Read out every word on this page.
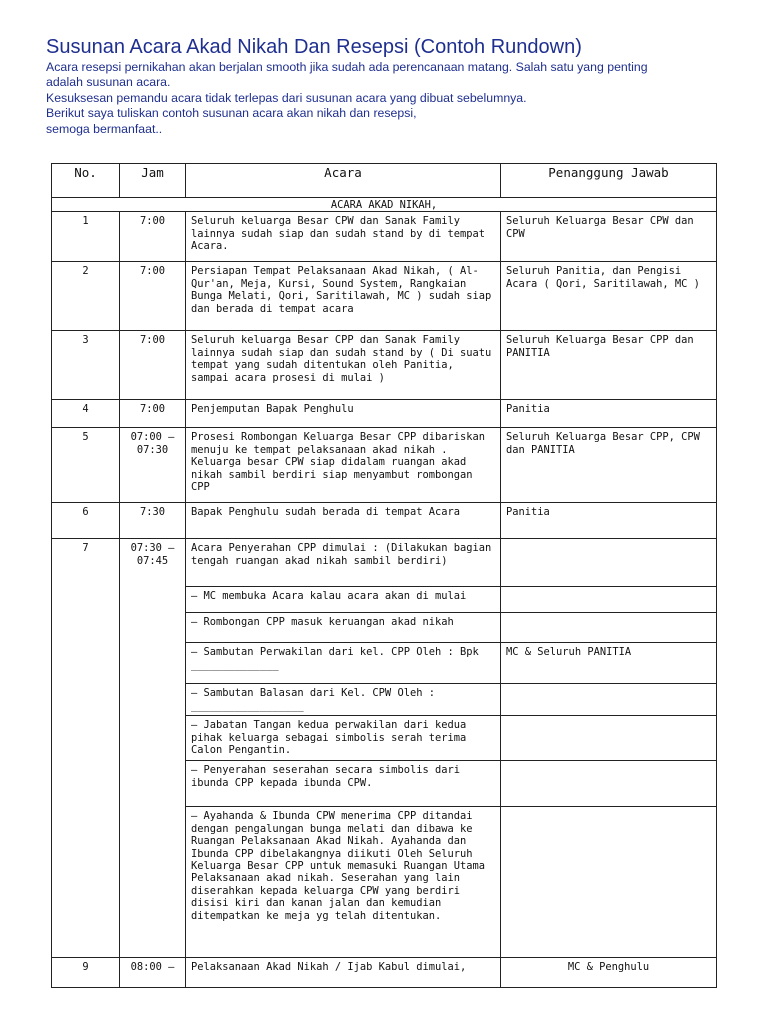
Susunan Acara Akad Nikah Dan Resepsi (Contoh Rundown)
Acara resepsi pernikahan akan berjalan smooth jika sudah ada perencanaan matang. Salah satu yang penting
adalah susunan acara.
Kesuksesan pemandu acara tidak terlepas dari susunan acara yang dibuat sebelumnya.
Berikut saya tuliskan contoh susunan acara akan nikah dan resepsi,
semoga bermanfaat..
No.	Jam	Acara	Penanggung Jawab
ACARA AKAD NIKAH,			
1	7:00	Seluruh keluarga Besar CPW dan Sanak Family lainnya sudah siap dan sudah stand by di tempat Acara.	Seluruh Keluarga Besar CPW dan CPW
2	7:00	Persiapan Tempat Pelaksanaan Akad Nikah, ( Al-Qur'an, Meja, Kursi, Sound System, Rangkaian Bunga Melati, Qori, Saritilawah, MC ) sudah siap dan berada di tempat acara	Seluruh Panitia, dan Pengisi Acara ( Qori, Saritilawah, MC )
3	7:00	Seluruh keluarga Besar CPP dan Sanak Family lainnya sudah siap dan sudah stand by ( Di suatu tempat yang sudah ditentukan oleh Panitia, sampai acara prosesi di mulai )	Seluruh Keluarga Besar CPP dan PANITIA
4	7:00	Penjemputan Bapak Penghulu	Panitia
5	07:00 – 07:30	Prosesi Rombongan Keluarga Besar CPP dibariskan menuju ke tempat pelaksanaan akad nikah . Keluarga besar CPW siap didalam ruangan akad nikah sambil berdiri siap menyambut rombongan CPP	Seluruh Keluarga Besar CPP, CPW dan PANITIA
6	7:30	Bapak Penghulu sudah berada di tempat Acara	Panitia
7	07:30 – 07:45	Acara Penyerahan CPP dimulai : (Dilakukan bagian tengah ruangan akad nikah sambil berdiri)	
		– MC membuka Acara kalau acara akan di mulai	
		– Rombongan CPP masuk keruangan akad nikah	
		– Sambutan Perwakilan dari kel. CPP Oleh : Bpk ______________	MC & Seluruh PANITIA
		– Sambutan Balasan dari Kel. CPW Oleh : __________________	
		– Jabatan Tangan kedua perwakilan dari kedua pihak keluarga sebagai simbolis serah terima Calon Pengantin.	
		– Penyerahan seserahan secara simbolis dari ibunda CPP kepada ibunda CPW.	
		– Ayahanda & Ibunda CPW menerima CPP ditandai dengan pengalungan bunga melati dan dibawa ke Ruangan Pelaksanaan Akad Nikah. Ayahanda dan Ibunda CPP dibelakangnya diikuti Oleh Seluruh Keluarga Besar CPP untuk memasuki Ruangan Utama Pelaksanaan akad nikah. Seserahan yang lain diserahkan kepada keluarga CPW yang berdiri disisi kiri dan kanan jalan dan kemudian ditempatkan ke meja yg telah ditentukan.	
9	08:00 –	Pelaksanaan Akad Nikah / Ijab Kabul dimulai,	MC & Penghulu
